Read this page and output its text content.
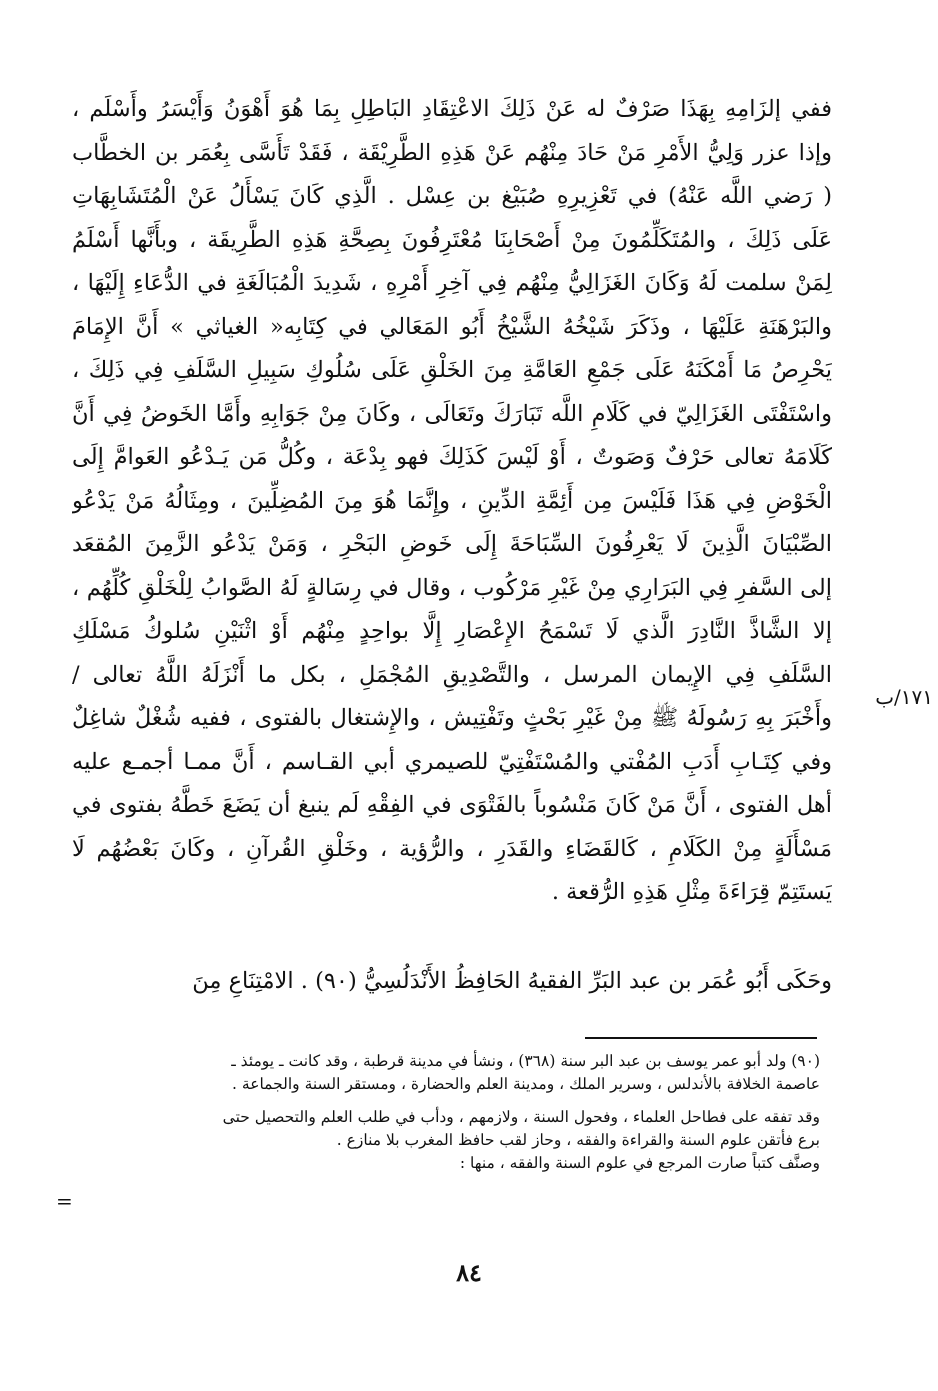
ففي إلزَامِهِ بِهَذَا صَرْفٌ له عَنْ ذَلِكَ الاعْتِقَادِ البَاطِلِ بِمَا هُوَ أَهْوَنُ وَأَيْسَرُ وأَسْلَم ،
وإذا عزر وَلِيُّ الأَمْرِ مَنْ حَادَ مِنْهُم عَنْ هَذِهِ الطَّرِيْقَة ، فَقَدْ تَأَسَّى بِعُمَر بن الخطَّاب
( رَضي اللَّه عَنْهُ) في تَعْزِيرِهِ صُبَيْغ بن عِسْل . الَّذِي كَانَ يَسْأَلُ عَنْ الْمُتَشَابِهَاتِ
عَلَى ذَلِكَ ، والمُتَكَلِّمُونَ مِنْ أَصْحَابِنَا مُعْتَرِفُونَ بِصِحَّةِ هَذِهِ الطَّرِيقَة ، وبأَنَّها أَسْلَمُ
لِمَنْ سلمت لَهُ وَكَانَ الغَزَالِيُّ مِنْهُم فِي آخِرِ أَمْرِهِ ، شَدِيدَ الْمُبَالَغَةِ في الدُّعَاءِ إِلَيْهَا ،
والبَرْهَنَةِ عَلَيْهَا ، وذَكَرَ شَيْخُهُ الشَّيْخُ أَبُو المَعَالي في كِتَابِه« الغياثي » أَنَّ الإِمَامَ
يَحْرِصُ مَا أَمْكَنَهُ عَلَى جَمْعِ العَامَّةِ مِنَ الخَلْقِ عَلَى سُلُوكِ سَبِيلِ السَّلَفِ فِي ذَلِكَ ،
واسْتَفْتَى الغَزَالِيّ في كَلَامِ اللَّه تَبَارَكَ وتَعَالَى ، وكَانَ مِنْ جَوَابِهِ وأَمَّا الخَوضُ فِي أَنَّ
كَلَامَهُ تعالى حَرْفٌ وَصَوتٌ ، أَوْ لَيْسَ كَذَلِكَ فهو بِدْعَة ، وكُلُّ مَن يَـدْعُو العَوامَّ إِلَى
الْخَوْضِ فِي هَذَا فَلَيْسَ مِن أَئِمَّةِ الدِّينِ ، وإِنَّمَا هُوَ مِنَ المُضِلِّينَ ، ومِثَالُهُ مَنْ يَدْعُو
الصِّبْيَانَ الَّذِينَ لَا يَعْرِفُونَ السِّبَاحَةَ إِلَى خَوضِ البَحْرِ ، وَمَنْ يَدْعُو الزَّمِنَ المُقعَد
إلى السَّفرِ فِي البَرَارِي مِنْ غَيْرِ مَرْكُوب ، وقال في رِسَالةٍ لَهُ الصَّوابُ لِلْخَلْقِ كُلِّهُم ،
إلا الشَّاذَّ النَّادِرَ الَّذي لَا تَسْمَحُ الإِعْصَارِ إِلَّا بواحِدٍ مِنْهُم أَوْ اثْنَيْنِ سُلوكُ مَسْلَكِ
السَّلَفِ فِي الإِيمان المرسل ، والتَّصْدِيقِ المُجْمَلِ ، بكل ما أَنْزَلَهُ اللَّهُ تعالى /
وأَخْبَرَ بِهِ رَسُولَهُ ﷺ مِنْ غَيْرِ بَحْثٍ وتَفْتِيش ، والإِشتغال بالفتوى ، ففيه شُغْلٌ شاغِلٌ
وفي كِتَـابِ أَدَبِ المُفْتي والمُسْتَفْتِيّ للصيمري أبي القـاسم ، أَنَّ ممـا أجمـع عليه
أهل الفتوى ، أَنَّ مَنْ كَانَ مَنْسُوباً بالفَتْوَى في الفِقْهِ لَم ينبغ أن يَضَعَ خَطَّهُ بفتوى في
مَسْأَلَةٍ مِنْ الكَلَامِ ، كَالقَضَاءِ والقَدَرِ ، والرُّؤية ، وخَلْقِ القُرآنِ ، وكَانَ بَعْضُهُم لَا
يَستَتِمّ قِرَاءَةَ مِثْلِ هَذِهِ الرُّقعة .
١٧١/ب
وحَكَى أَبُو عُمَر بن عبد البَرِّ الفقيهُ الحَافِظُ الأَنْدَلُسِيُّ (٩٠) . الامْتِنَاعِ مِنَ
(٩٠) ولد أبو عمر يوسف بن عبد البر سنة (٣٦٨) ، ونشأ في مدينة قرطبة ، وقد كانت ـ يومئذ ـ
عاصمة الخلافة بالأندلس ، وسرير الملك ، ومدينة العلم والحضارة ، ومستقر السنة والجماعة .
وقد تفقه على فطاحل العلماء ، وفحول السنة ، ولازمهم ، ودأب في طلب العلم والتحصيل حتى
برع فأتقن علوم السنة والقراءة والفقه ، وحاز لقب حافظ المغرب بلا منازع .
وصنَّف كتباً صارت المرجع في علوم السنة والفقه ، منها :
=
٨٤
